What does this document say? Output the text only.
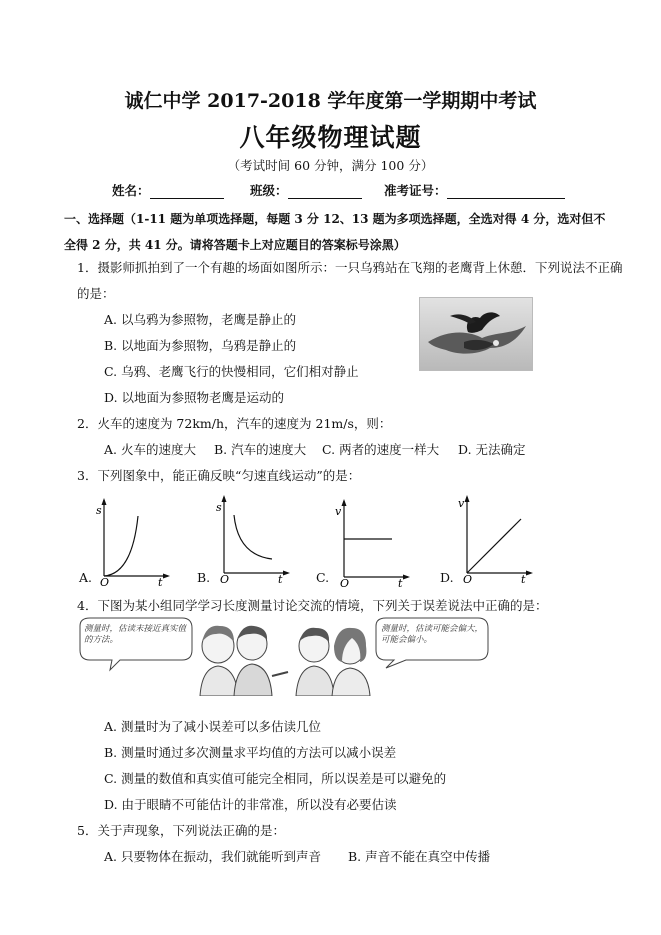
诚仁中学 2017-2018 学年度第一学期期中考试
八年级物理试题
（考试时间 60 分钟，满分 100 分）
姓名：	班级：	准考证号：
一、选择题（1-11 题为单项选择题，每题 3 分 12、13 题为多项选择题，全选对得 4 分，选对但不全得 2 分，共 41 分。请将答题卡上对应题目的答案标号涂黑）
1．摄影师抓拍到了一个有趣的场面如图所示：一只乌鸦站在飞翔的老鹰背上休憩．下列说法不正确
的是：
A. 以乌鸦为参照物，老鹰是静止的
B. 以地面为参照物，乌鸦是静止的
C. 乌鸦、老鹰飞行的快慢相同，它们相对静止
D. 以地面为参照物老鹰是运动的
2．火车的速度为 72km/h，汽车的速度为 21m/s，则：
A. 火车的速度大 B. 汽车的速度大 C. 两者的速度一样大 D. 无法确定
3．下列图象中，能正确反映“匀速直线运动”的是：
A.
s
t
O	B.
s
t
O	C.
v
t
O	D.
v
t
O
4．下图为某小组同学学习长度测量讨论交流的情境，下列关于误差说法中正确的是：
测量时，估读末接近真实值的方法。
测量时，估读可能会偏大，可能会偏小。
A. 测量时为了减小误差可以多估读几位
B. 测量时通过多次测量求平均值的方法可以减小误差
C. 测量的数值和真实值可能完全相同，所以误差是可以避免的
D. 由于眼睛不可能估计的非常准，所以没有必要估读
5．关于声现象，下列说法正确的是：
A. 只要物体在振动，我们就能听到声音 B. 声音不能在真空中传播
